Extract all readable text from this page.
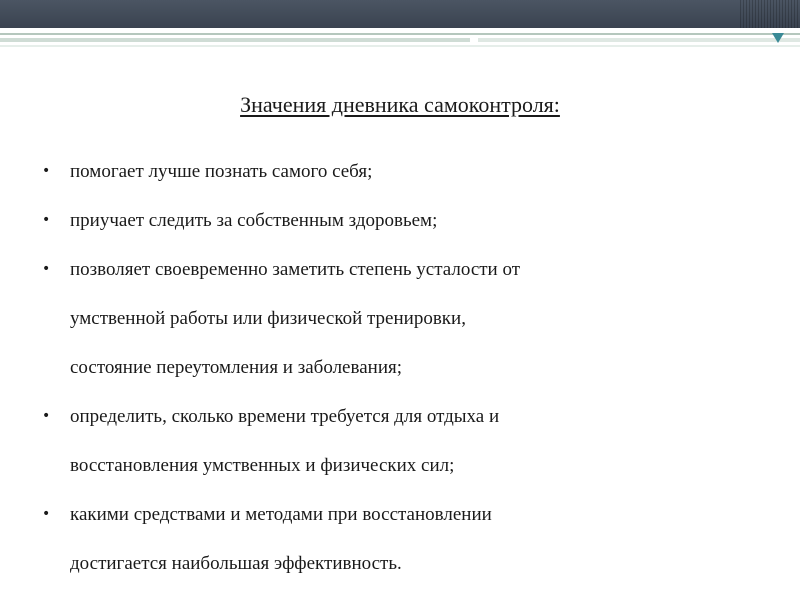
Значения дневника самоконтроля:
•	помогает лучше познать самого себя;
•	приучает следить за собственным здоровьем;
•	позволяет своевременно заметить степень усталости от
умственной работы или физической тренировки,
состояние переутомления и заболевания;
•	определить, сколько времени требуется для отдыха и
восстановления умственных и физических сил;
•	какими средствами и методами при восстановлении
достигается наибольшая эффективность.
